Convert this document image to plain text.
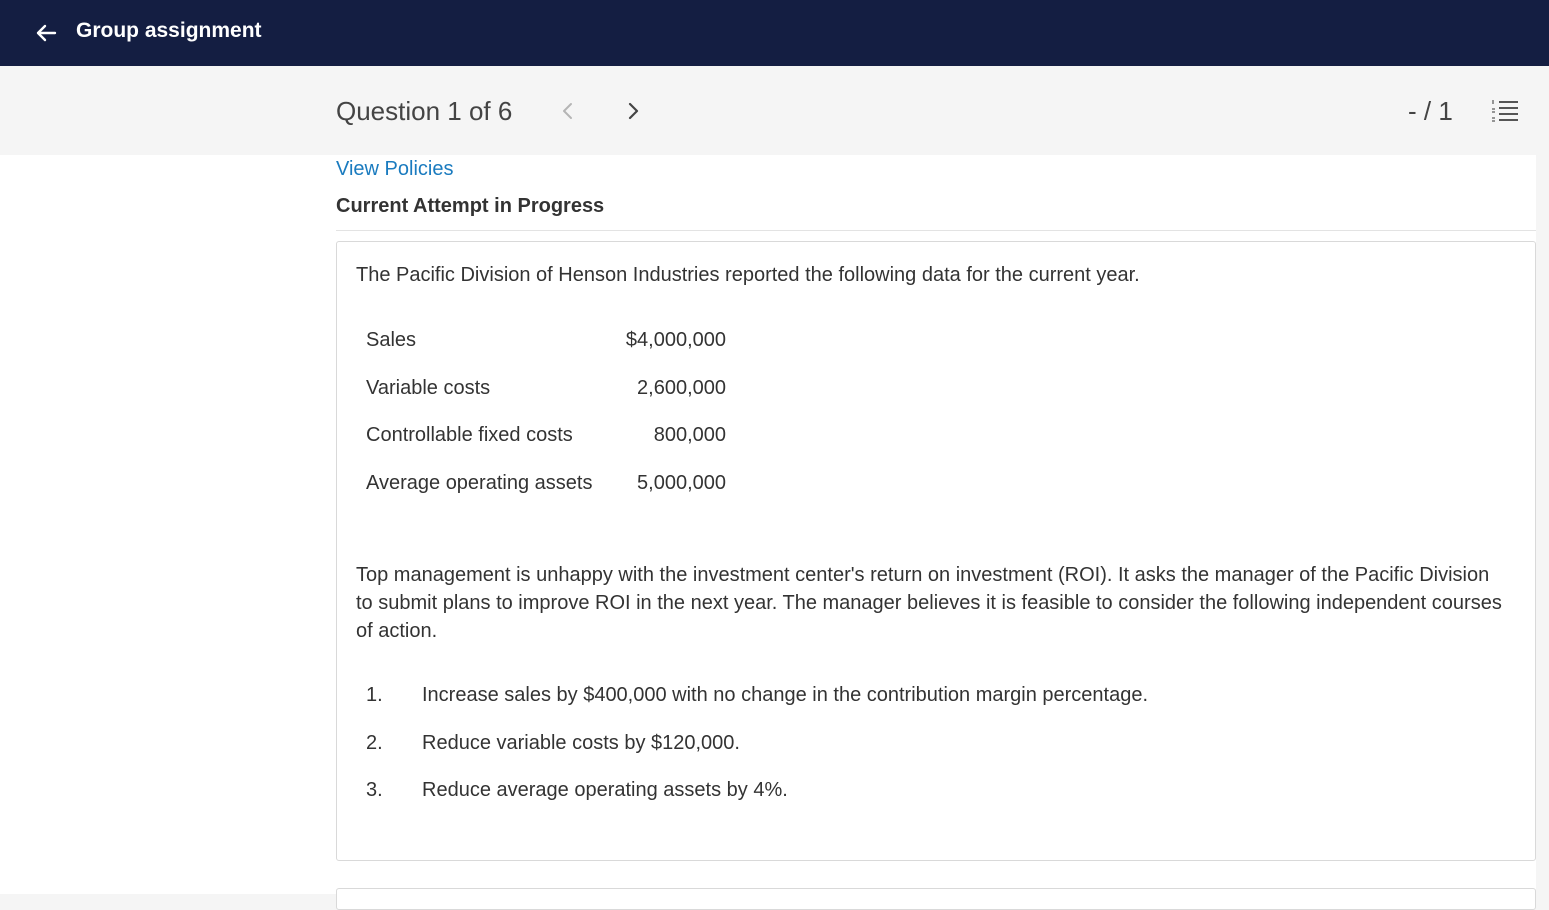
Group assignment
Question 1 of 6	- / 1
View Policies
Current Attempt in Progress
The Pacific Division of Henson Industries reported the following data for the current year.
Sales	$4,000,000
Variable costs	2,600,000
Controllable fixed costs	800,000
Average operating assets 5,000,000
Top management is unhappy with the investment center's return on investment (ROI). It asks the manager of the Pacific Division to submit plans to improve ROI in the next year. The manager believes it is feasible to consider the following independent courses of action.
1. Increase sales by $400,000 with no change in the contribution margin percentage.
2. Reduce variable costs by $120,000.
3. Reduce average operating assets by 4%.
